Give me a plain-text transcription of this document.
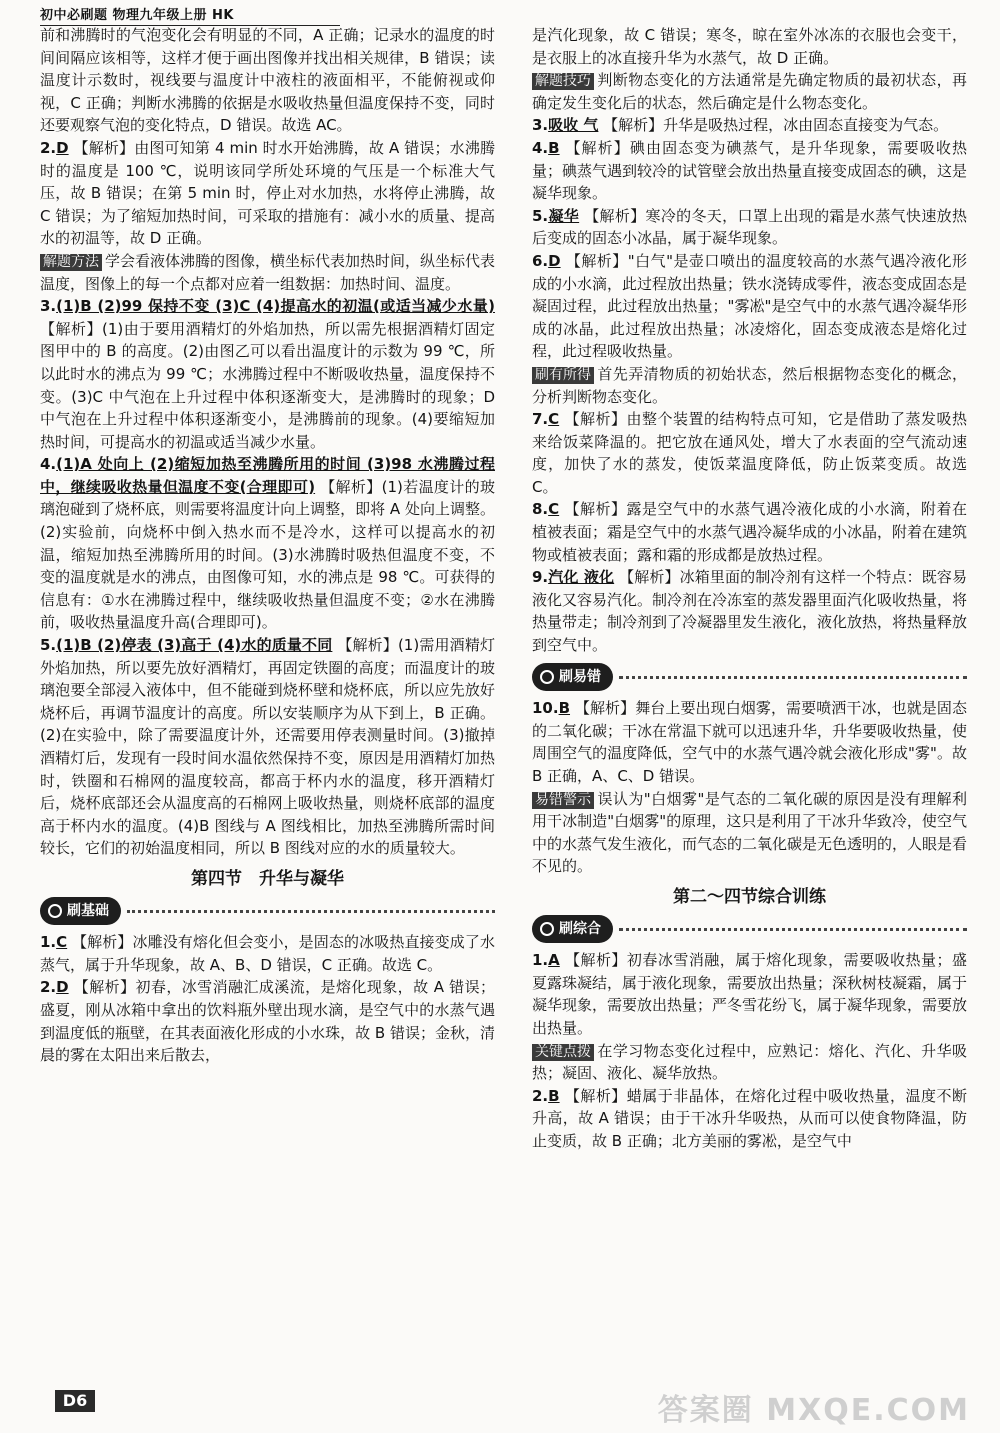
初中必刷题 物理九年级上册 HK

前和沸腾时的气泡变化会有明显的不同，A 正确；记录水的温度的时间间隔应该相等，这样才便于画出图像并找出相关规律，B 错误；读温度计示数时，视线要与温度计中液柱的液面相平，不能俯视或仰视，C 正确；判断水沸腾的依据是水吸收热量但温度保持不变，同时还要观察气泡的变化特点，D 错误。故选 AC。

2.D 【解析】由图可知第 4 min 时水开始沸腾，故 A 错误；水沸腾时的温度是 100 ℃，说明该同学所处环境的气压是一个标准大气压，故 B 错误；在第 5 min 时，停止对水加热，水将停止沸腾，故 C 错误；为了缩短加热时间，可采取的措施有：减小水的质量、提高水的初温等，故 D 正确。

解题方法 学会看液体沸腾的图像，横坐标代表加热时间，纵坐标代表温度，图像上的每一个点都对应着一组数据：加热时间、温度。

3.(1)B (2)99 保持不变 (3)C (4)提高水的初温(或适当减少水量) 【解析】(1)由于要用酒精灯的外焰加热，所以需先根据酒精灯固定图甲中的 B 的高度。(2)由图乙可以看出温度计的示数为 99 ℃，所以此时水的沸点为 99 ℃；水沸腾过程中不断吸收热量，温度保持不变。(3)C 中气泡在上升过程中体积逐渐变大，是沸腾时的现象；D 中气泡在上升过程中体积逐渐变小，是沸腾前的现象。(4)要缩短加热时间，可提高水的初温或适当减少水量。

4.(1)A 处向上 (2)缩短加热至沸腾所用的时间 (3)98 水沸腾过程中，继续吸收热量但温度不变(合理即可) 【解析】(1)若温度计的玻璃泡碰到了烧杯底，则需要将温度计向上调整，即将 A 处向上调整。(2)实验前，向烧杯中倒入热水而不是冷水，这样可以提高水的初温，缩短加热至沸腾所用的时间。(3)水沸腾时吸热但温度不变，不变的温度就是水的沸点，由图像可知，水的沸点是 98 ℃。可获得的信息有：①水在沸腾过程中，继续吸收热量但温度不变；②水在沸腾前，吸收热量温度升高(合理即可)。

5.(1)B (2)停表 (3)高于 (4)水的质量不同 【解析】(1)需用酒精灯外焰加热，所以要先放好酒精灯，再固定铁圈的高度；而温度计的玻璃泡要全部浸入液体中，但不能碰到烧杯壁和烧杯底，所以应先放好烧杯后，再调节温度计的高度。所以安装顺序为从下到上，B 正确。(2)在实验中，除了需要温度计外，还需要用停表测量时间。(3)撤掉酒精灯后，发现有一段时间水温依然保持不变，原因是用酒精灯加热时，铁圈和石棉网的温度较高，都高于杯内水的温度，移开酒精灯后，烧杯底部还会从温度高的石棉网上吸收热量，则烧杯底部的温度高于杯内水的温度。(4)B 图线与 A 图线相比，加热至沸腾所需时间较长，它们的初始温度相同，所以 B 图线对应的水的质量较大。

第四节　升华与凝华
刷基础

1.C 【解析】冰雕没有熔化但会变小，是固态的冰吸热直接变成了水蒸气，属于升华现象，故 A、B、D 错误，C 正确。故选 C。

2.D 【解析】初春，冰雪消融汇成溪流，是熔化现象，故 A 错误；盛夏，刚从冰箱中拿出的饮料瓶外壁出现水滴，是空气中的水蒸气遇到温度低的瓶壁，在其表面液化形成的小水珠，故 B 错误；金秋，清晨的雾在太阳出来后散去，

是汽化现象，故 C 错误；寒冬，晾在室外冰冻的衣服也会变干，是衣服上的冰直接升华为水蒸气，故 D 正确。

解题技巧 判断物态变化的方法通常是先确定物质的最初状态，再确定发生变化后的状态，然后确定是什么物态变化。

3.吸收 气 【解析】升华是吸热过程，冰由固态直接变为气态。

4.B 【解析】碘由固态变为碘蒸气，是升华现象，需要吸收热量；碘蒸气遇到较冷的试管壁会放出热量直接变成固态的碘，这是凝华现象。

5.凝华 【解析】寒冷的冬天，口罩上出现的霜是水蒸气快速放热后变成的固态小冰晶，属于凝华现象。

6.D 【解析】"白气"是壶口喷出的温度较高的水蒸气遇冷液化形成的小水滴，此过程放出热量；铁水浇铸成零件，液态变成固态是凝固过程，此过程放出热量；"雾凇"是空气中的水蒸气遇冷凝华形成的冰晶，此过程放出热量；冰凌熔化，固态变成液态是熔化过程，此过程吸收热量。

刷有所得 首先弄清物质的初始状态，然后根据物态变化的概念，分析判断物态变化。

7.C 【解析】由整个装置的结构特点可知，它是借助了蒸发吸热来给饭菜降温的。把它放在通风处，增大了水表面的空气流动速度，加快了水的蒸发，使饭菜温度降低，防止饭菜变质。故选 C。

8.C 【解析】露是空气中的水蒸气遇冷液化成的小水滴，附着在植被表面；霜是空气中的水蒸气遇冷凝华成的小冰晶，附着在建筑物或植被表面；露和霜的形成都是放热过程。

9.汽化 液化 【解析】冰箱里面的制冷剂有这样一个特点：既容易液化又容易汽化。制冷剂在冷冻室的蒸发器里面汽化吸收热量，将热量带走；制冷剂到了冷凝器里发生液化，液化放热，将热量释放到空气中。

刷易错

10.B 【解析】舞台上要出现白烟雾，需要喷洒干冰，也就是固态的二氧化碳；干冰在常温下就可以迅速升华，升华要吸收热量，使周围空气的温度降低，空气中的水蒸气遇冷就会液化形成"雾"。故 B 正确，A、C、D 错误。

易错警示 误认为"白烟雾"是气态的二氧化碳的原因是没有理解利用干冰制造"白烟雾"的原理，这只是利用了干冰升华致冷，使空气中的水蒸气发生液化，而气态的二氧化碳是无色透明的，人眼是看不见的。

第二～四节综合训练
刷综合

1.A 【解析】初春冰雪消融，属于熔化现象，需要吸收热量；盛夏露珠凝结，属于液化现象，需要放出热量；深秋树枝凝霜，属于凝华现象，需要放出热量；严冬雪花纷飞，属于凝华现象，需要放出热量。

关键点拨 在学习物态变化过程中，应熟记：熔化、汽化、升华吸热；凝固、液化、凝华放热。

2.B 【解析】蜡属于非晶体，在熔化过程中吸收热量，温度不断升高，故 A 错误；由于干冰升华吸热，从而可以使食物降温，防止变质，故 B 正确；北方美丽的雾凇，是空气中

D6	答案圈 MXQE.COM
